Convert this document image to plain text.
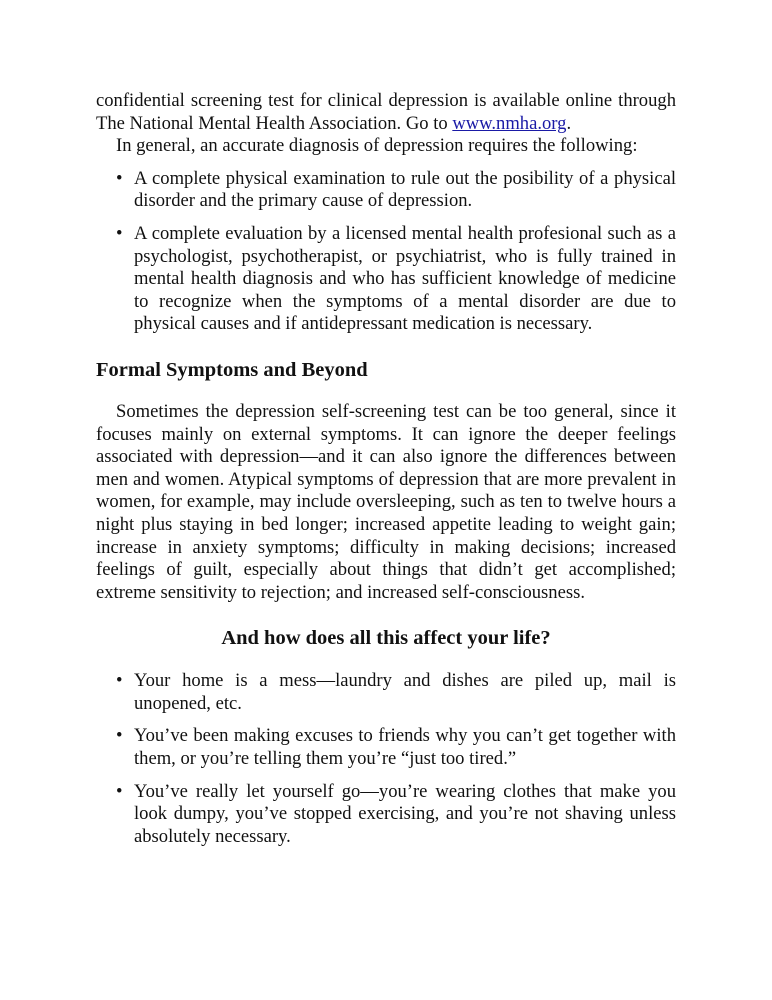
confidential screening test for clinical depression is available online through The National Mental Health Association. Go to www.nmha.org.

In general, an accurate diagnosis of depression requires the following:

• A complete physical examination to rule out the posibility of a physical disorder and the primary cause of depression.
• A complete evaluation by a licensed mental health profesional such as a psychologist, psychotherapist, or psychiatrist, who is fully trained in mental health diagnosis and who has sufficient knowledge of medicine to recognize when the symptoms of a mental disorder are due to physical causes and if antidepressant medication is necessary.

Formal Symptoms and Beyond

Sometimes the depression self-screening test can be too general, since it focuses mainly on external symptoms. It can ignore the deeper feelings associated with depression—and it can also ignore the differences between men and women. Atypical symptoms of depression that are more prevalent in women, for example, may include oversleeping, such as ten to twelve hours a night plus staying in bed longer; increased appetite leading to weight gain; increase in anxiety symptoms; difficulty in making decisions; increased feelings of guilt, especially about things that didn’t get accomplished; extreme sensitivity to rejection; and increased self-consciousness.

And how does all this affect your life?

• Your home is a mess—laundry and dishes are piled up, mail is unopened, etc.
• You’ve been making excuses to friends why you can’t get together with them, or you’re telling them you’re “just too tired.”
• You’ve really let yourself go—you’re wearing clothes that make you look dumpy, you’ve stopped exercising, and you’re not shaving unless absolutely necessary.
